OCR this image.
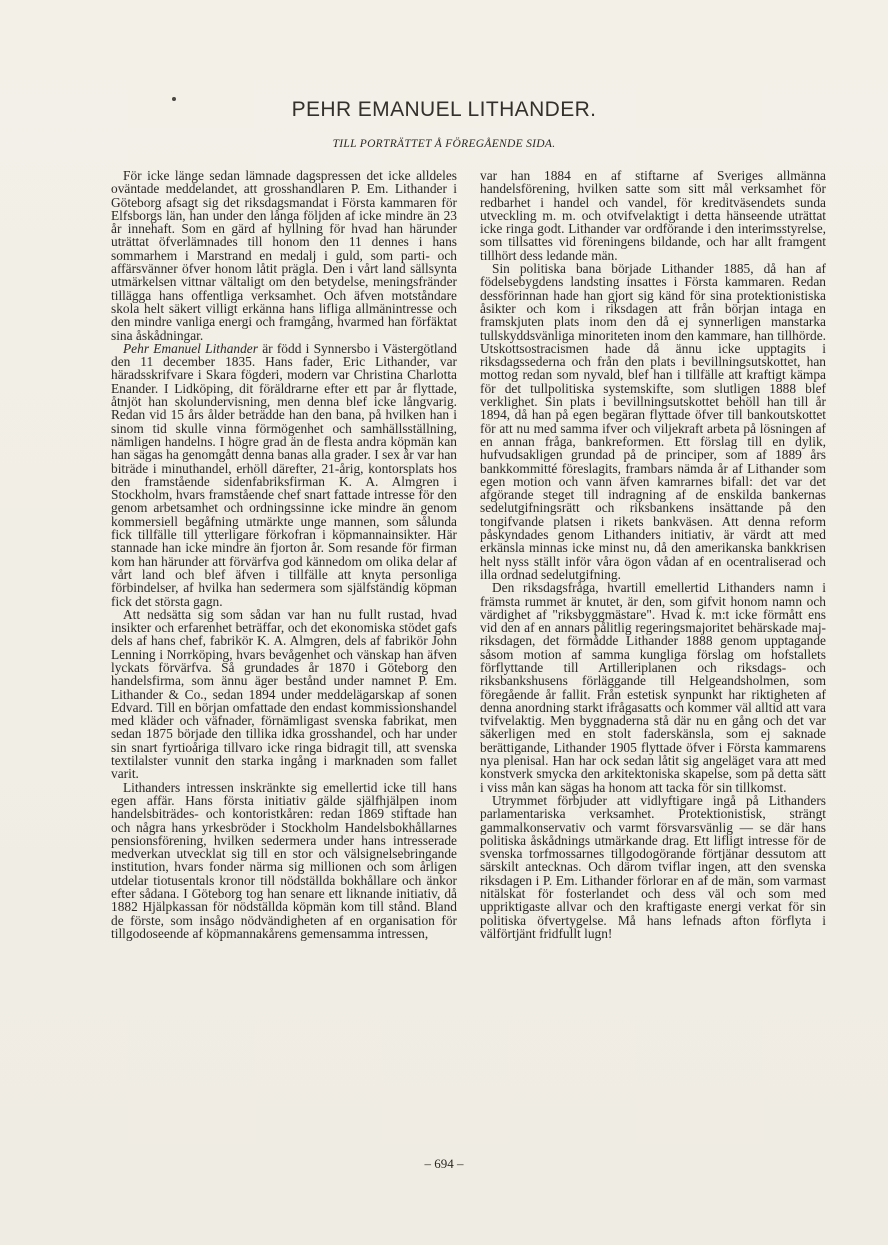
PEHR EMANUEL LITHANDER.
TILL PORTRÄTTET Å FÖREGÅENDE SIDA.

För icke länge sedan lämnade dagspressen det icke alldeles oväntade meddelandet, att grosshandlaren P. Em. Lithander i Göteborg afsagt sig det riksdagsmandat i Första kammaren för Elfsborgs län, han under den långa följden af icke mindre än 23 år innehaft. Som en gärd af hyllning för hvad han härunder uträttat öfverlämnades till honom den 11 dennes i hans sommarhem i Marstrand en medalj i guld, som parti- och affärsvänner öfver honom låtit prägla. Den i vårt land sällsynta utmärkelsen vittnar vältaligt om den betydelse, meningsfränder tillägga hans offentliga verksamhet. Och äfven motståndare skola helt säkert villigt erkänna hans lifliga allmänintresse och den mindre vanliga energi och framgång, hvarmed han förfäktat sina åskådningar.

Pehr Emanuel Lithander är född i Synnersbo i Västergötland den 11 december 1835. Hans fader, Eric Lithander, var häradsskrifvare i Skara fögderi, modern var Christina Charlotta Enander. I Lidköping, dit föräldrarne efter ett par år flyttade, åtnjöt han skolundervisning, men denna blef icke långvarig. Redan vid 15 års ålder beträdde han den bana, på hvilken han i sinom tid skulle vinna förmögenhet och samhällsställning, nämligen handelns. I högre grad än de flesta andra köpmän kan han sägas ha genomgått denna banas alla grader. I sex år var han biträde i minuthandel, erhöll därefter, 21-årig, kontorsplats hos den framstående sidenfabriksfirman K. A. Almgren i Stockholm, hvars framstående chef snart fattade intresse för den genom arbetsamhet och ordningssinne icke mindre än genom kommersiell begåfning utmärkte unge mannen, som sålunda fick tillfälle till ytterligare förkofran i köpmannainsikter. Här stannade han icke mindre än fjorton år. Som resande för firman kom han härunder att förvärfva god kännedom om olika delar af vårt land och blef äfven i tillfälle att knyta personliga förbindelser, af hvilka han sedermera som själfständig köpman fick det största gagn.

Att nedsätta sig som sådan var han nu fullt rustad, hvad insikter och erfarenhet beträffar, och det ekonomiska stödet gafs dels af hans chef, fabrikör K. A. Almgren, dels af fabrikör John Lenning i Norrköping, hvars bevågenhet och vänskap han äfven lyckats förvärfva. Så grundades år 1870 i Göteborg den handelsfirma, som ännu äger bestånd under namnet P. Em. Lithander & Co., sedan 1894 under meddelägarskap af sonen Edvard. Till en början omfattade den endast kommissionshandel med kläder och väfnader, förnämligast svenska fabrikat, men sedan 1875 började den tillika idka grosshandel, och har under sin snart fyrtioåriga tillvaro icke ringa bidragit till, att svenska textilalster vunnit den starka ingång i marknaden som fallet varit.

Lithanders intressen inskränkte sig emellertid icke till hans egen affär. Hans första initiativ gälde själfhjälpen inom handelsbiträdes- och kontoristkåren: redan 1869 stiftade han och några hans yrkesbröder i Stockholm Handelsbokhållarnes pensionsförening, hvilken sedermera under hans intresserade medverkan utvecklat sig till en stor och välsignelsebringande institution, hvars fonder närma sig millionen och som årligen utdelar tiotusentals kronor till nödställda bokhållare och änkor efter sådana. I Göteborg tog han senare ett liknande initiativ, då 1882 Hjälpkassan för nödställda köpmän kom till stånd. Bland de förste, som insågo nödvändigheten af en organisation för tillgodoseende af köpmannakårens gemensamma intressen,

var han 1884 en af stiftarne af Sveriges allmänna handelsförening, hvilken satte som sitt mål verksamhet för redbarhet i handel och vandel, för kreditväsendets sunda utveckling m. m. och otvifvelaktigt i detta hänseende uträttat icke ringa godt. Lithander var ordförande i den interimsstyrelse, som tillsattes vid föreningens bildande, och har allt framgent tillhört dess ledande män.

Sin politiska bana började Lithander 1885, då han af födelsebygdens landsting insattes i Första kammaren. Redan dessförinnan hade han gjort sig känd för sina protektionistiska åsikter och kom i riksdagen att från början intaga en framskjuten plats inom den då ej synnerligen manstarka tullskyddsvänliga minoriteten inom den kammare, han tillhörde. Utskottsostracismen hade då ännu icke upptagits i riksdagssederna och från den plats i bevillningsutskottet, han mottog redan som nyvald, blef han i tillfälle att kraftigt kämpa för det tullpolitiska systemskifte, som slutligen 1888 blef verklighet. Sin plats i bevillningsutskottet behöll han till år 1894, då han på egen begäran flyttade öfver till bankoutskottet för att nu med samma ifver och viljekraft arbeta på lösningen af en annan fråga, bankreformen. Ett förslag till en dylik, hufvudsakligen grundad på de principer, som af 1889 års bankkommitté föreslagits, frambars nämda år af Lithander som egen motion och vann äfven kamrarnes bifall: det var det afgörande steget till indragning af de enskilda bankernas sedelutgifningsrätt och riksbankens insättande på den tongifvande platsen i rikets bankväsen. Att denna reform påskyndades genom Lithanders initiativ, är värdt att med erkänsla minnas icke minst nu, då den amerikanska bankkrisen helt nyss ställt inför våra ögon vådan af en ocentraliserad och illa ordnad sedelutgifning.

Den riksdagsfråga, hvartill emellertid Lithanders namn i främsta rummet är knutet, är den, som gifvit honom namn och värdighet af "riksbyggmästare". Hvad k. m:t icke förmått ens vid den af en annars pålitlig regeringsmajoritet behärskade maj-riksdagen, det förmådde Lithander 1888 genom upptagande såsom motion af samma kungliga förslag om hofstallets förflyttande till Artilleriplanen och riksdags- och riksbankshusens förläggande till Helgeandsholmen, som föregående år fallit. Från estetisk synpunkt har riktigheten af denna anordning starkt ifrågasatts och kommer väl alltid att vara tvifvelaktig. Men byggnaderna stå där nu en gång och det var säkerligen med en stolt faderskänsla, som ej saknade berättigande, Lithander 1905 flyttade öfver i Första kammarens nya plenisal. Han har ock sedan låtit sig angeläget vara att med konstverk smycka den arkitektoniska skapelse, som på detta sätt i viss mån kan sägas ha honom att tacka för sin tillkomst.

Utrymmet förbjuder att vidlyftigare ingå på Lithanders parlamentariska verksamhet. Protektionistisk, strängt gammalkonservativ och varmt försvarsvänlig — se där hans politiska åskådnings utmärkande drag. Ett lifligt intresse för de svenska torfmossarnes tillgodogörande förtjänar dessutom att särskilt antecknas. Och därom tviflar ingen, att den svenska riksdagen i P. Em. Lithander förlorar en af de män, som varmast nitälskat för fosterlandet och dess väl och som med uppriktigaste allvar och den kraftigaste energi verkat för sin politiska öfvertygelse. Må hans lefnads afton förflyta i välförtjänt fridfullt lugn!

– 694 –
